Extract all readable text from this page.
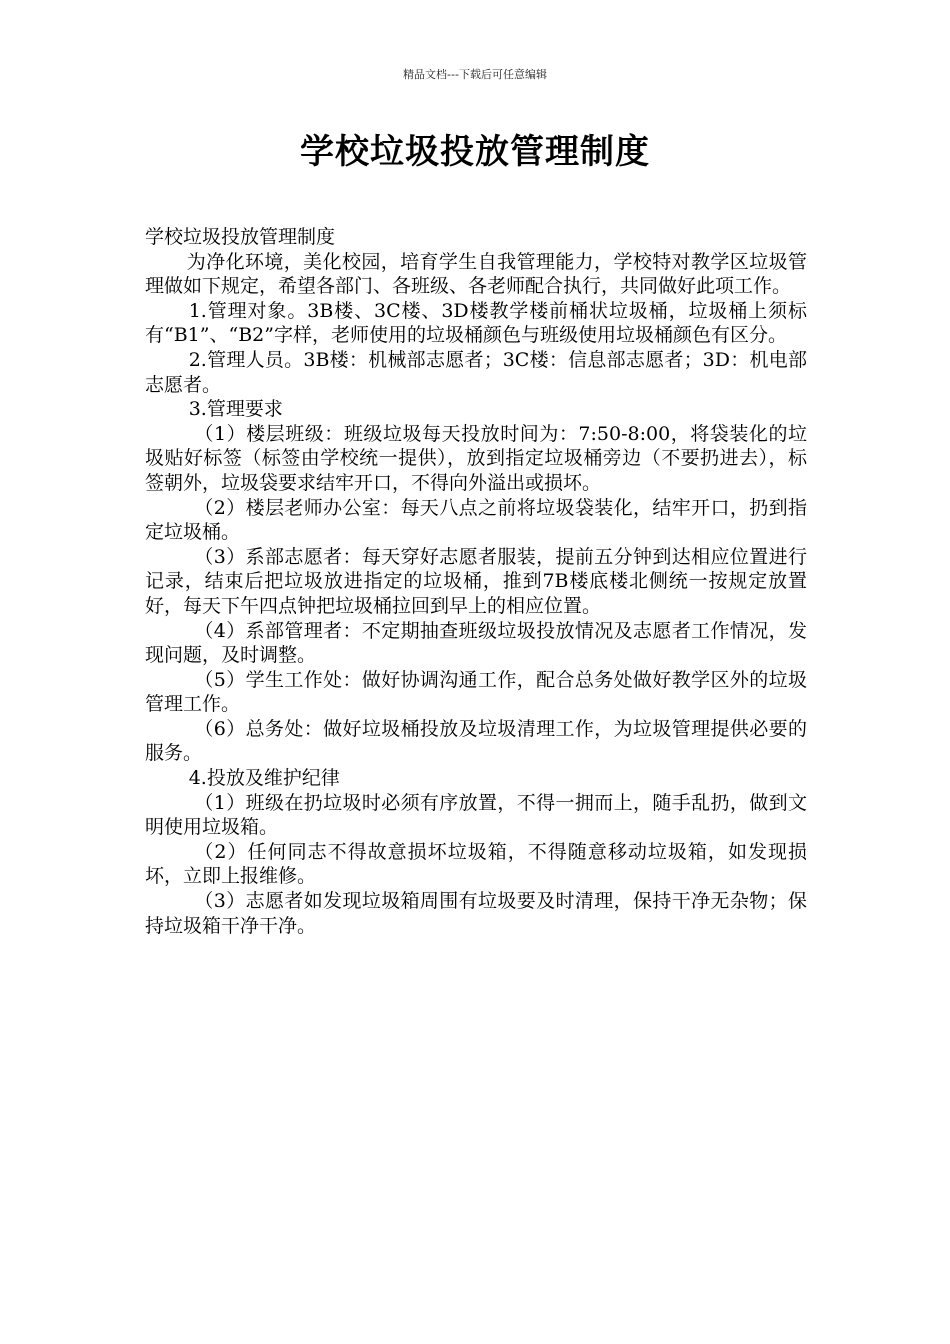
精品文档---下载后可任意编辑
学校垃圾投放管理制度

学校垃圾投放管理制度

为净化环境，美化校园，培育学生自我管理能力，学校特对教学区垃圾管理做如下规定，希望各部门、各班级、各老师配合执行，共同做好此项工作。

1.管理对象。3B楼、3C楼、3D楼教学楼前桶状垃圾桶，垃圾桶上须标有“B1”、“B2”字样，老师使用的垃圾桶颜色与班级使用垃圾桶颜色有区分。

2.管理人员。3B楼：机械部志愿者；3C楼：信息部志愿者；3D：机电部志愿者。

3.管理要求

（1）楼层班级：班级垃圾每天投放时间为：7:50-8:00，将袋装化的垃圾贴好标签（标签由学校统一提供），放到指定垃圾桶旁边（不要扔进去），标签朝外，垃圾袋要求结牢开口，不得向外溢出或损坏。

（2）楼层老师办公室：每天八点之前将垃圾袋装化，结牢开口，扔到指定垃圾桶。

（3）系部志愿者：每天穿好志愿者服装，提前五分钟到达相应位置进行记录，结束后把垃圾放进指定的垃圾桶，推到7B楼底楼北侧统一按规定放置好，每天下午四点钟把垃圾桶拉回到早上的相应位置。

（4）系部管理者：不定期抽查班级垃圾投放情况及志愿者工作情况，发现问题，及时调整。

（5）学生工作处：做好协调沟通工作，配合总务处做好教学区外的垃圾管理工作。

（6）总务处：做好垃圾桶投放及垃圾清理工作，为垃圾管理提供必要的服务。

4.投放及维护纪律

（1）班级在扔垃圾时必须有序放置，不得一拥而上，随手乱扔，做到文明使用垃圾箱。

（2）任何同志不得故意损坏垃圾箱，不得随意移动垃圾箱，如发现损坏，立即上报维修。

（3）志愿者如发现垃圾箱周围有垃圾要及时清理，保持干净无杂物；保持垃圾箱干净干净。
